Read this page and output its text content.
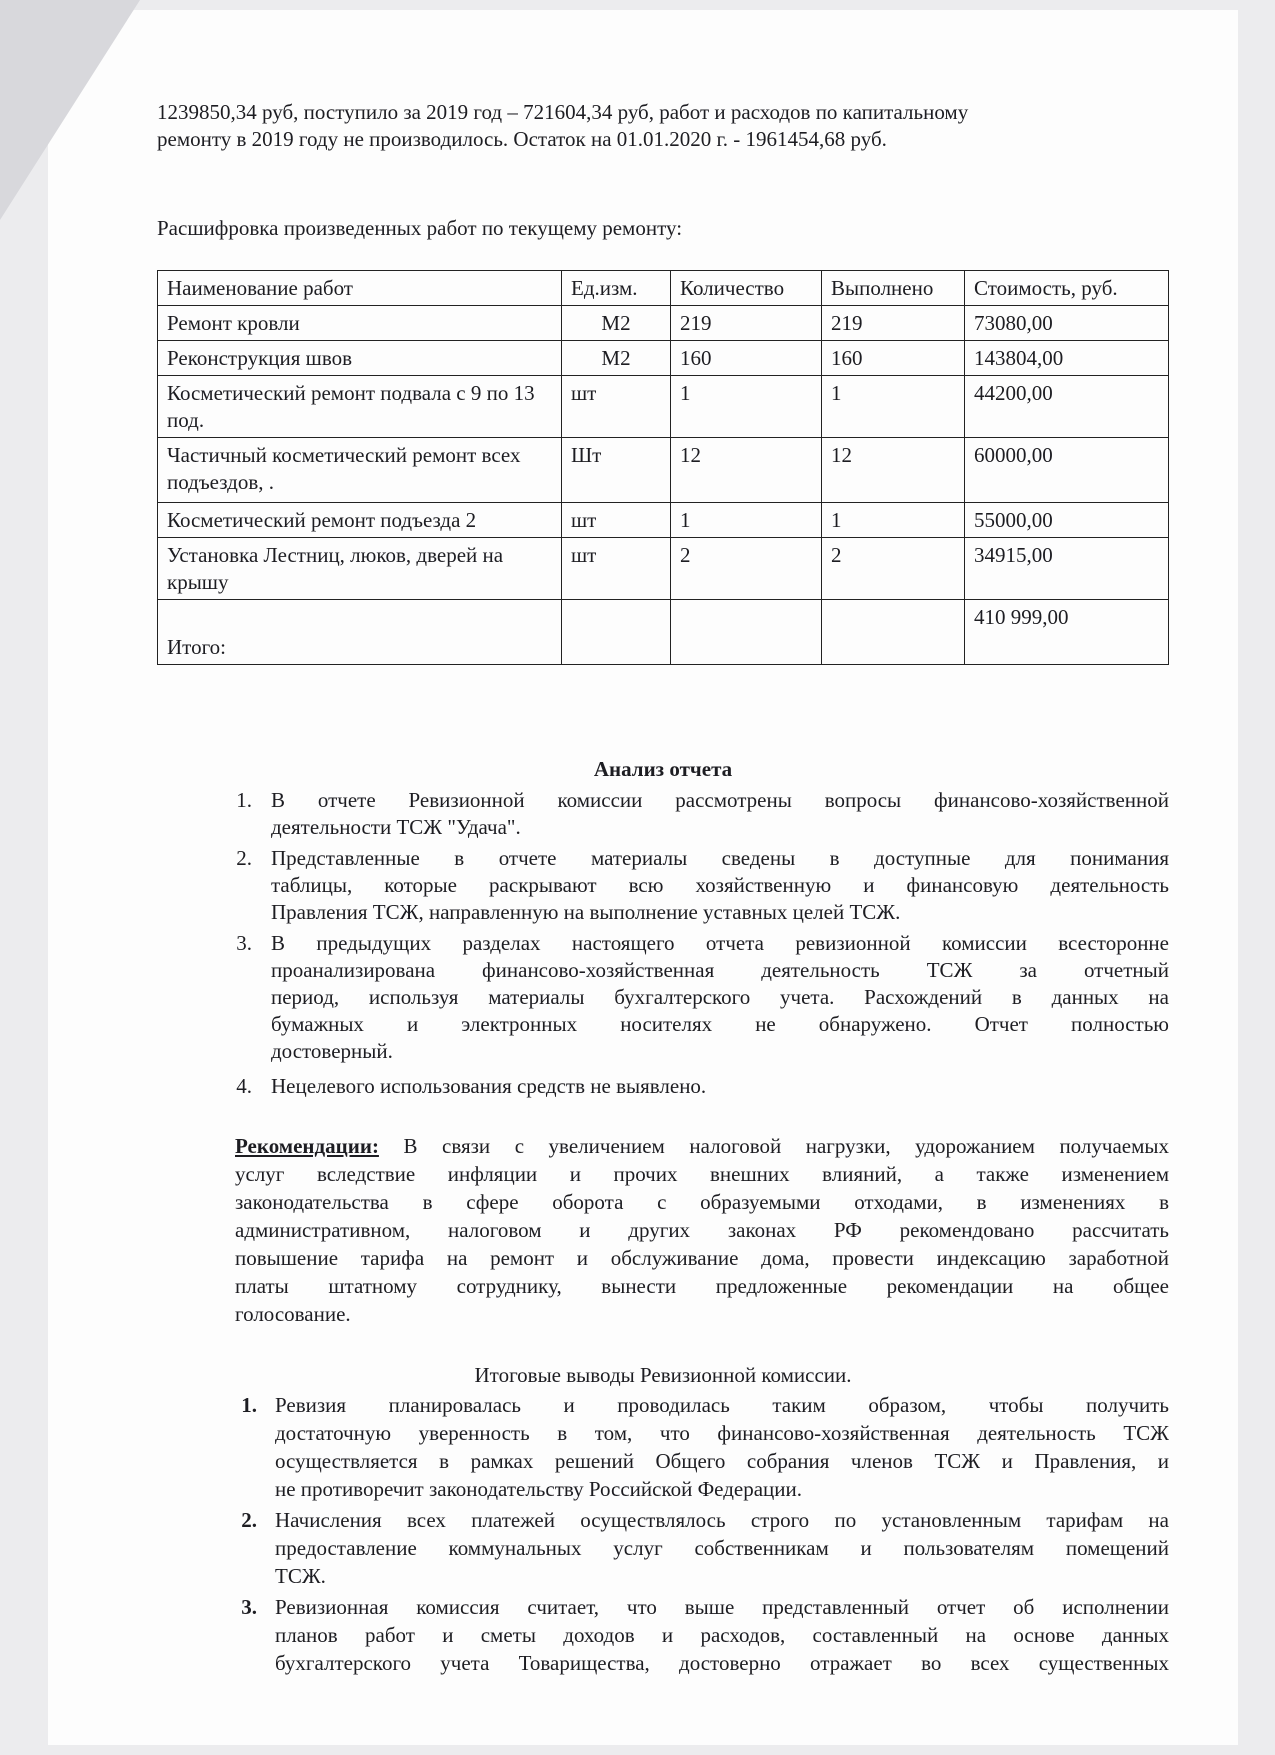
1239850,34 руб, поступило за 2019 год – 721604,34 руб, работ и расходов по капитальному

ремонту в 2019 году не производилось. Остаток на 01.01.2020 г. - 1961454,68 руб.

Расшифровка произведенных работ по текущему ремонту:

Наименование работ	Ед.изм.	Количество	Выполнено	Стоимость, руб.
Ремонт кровли	М2	219	219	73080,00
Реконструкция швов	М2	160	160	143804,00
Косметический ремонт подвала с 9 по 13 под.	шт	1	1	44200,00
Частичный косметический ремонт всех подъездов, .	Шт	12	12	60000,00
Косметический ремонт подъезда 2	шт	1	1	55000,00
Установка Лестниц, люков, дверей на крышу	шт	2	2	34915,00
Итого:				410 999,00

Анализ отчета

1. В отчете Ревизионной комиссии рассмотрены вопросы финансово-хозяйственной

деятельности ТСЖ "Удача".

2. Представленные в отчете материалы сведены в доступные для понимания

таблицы, которые раскрывают всю хозяйственную и финансовую деятельность

Правления ТСЖ, направленную на выполнение уставных целей ТСЖ.

3. В предыдущих разделах настоящего отчета ревизионной комиссии всесторонне

проанализирована финансово-хозяйственная деятельность ТСЖ за отчетный

период, используя материалы бухгалтерского учета. Расхождений в данных на

бумажных и электронных носителях не обнаружено. Отчет полностью

достоверный.

4. Нецелевого использования средств не выявлено.

Рекомендации: В связи с увеличением налоговой нагрузки, удорожанием получаемых

услуг вследствие инфляции и прочих внешних влияний, а также изменением

законодательства в сфере оборота с образуемыми отходами, в изменениях в

административном, налоговом и других законах РФ рекомендовано рассчитать

повышение тарифа на ремонт и обслуживание дома, провести индексацию заработной

платы штатному сотруднику, вынести предложенные рекомендации на общее

голосование.

Итоговые выводы Ревизионной комиссии.

1. Ревизия планировалась и проводилась таким образом, чтобы получить

достаточную уверенность в том, что финансово-хозяйственная деятельность ТСЖ

осуществляется в рамках решений Общего собрания членов ТСЖ и Правления, и

не противоречит законодательству Российской Федерации.

2. Начисления всех платежей осуществлялось строго по установленным тарифам на

предоставление коммунальных услуг собственникам и пользователям помещений

ТСЖ.

3. Ревизионная комиссия считает, что выше представленный отчет об исполнении

планов работ и сметы доходов и расходов, составленный на основе данных

бухгалтерского учета Товарищества, достоверно отражает во всех существенных
